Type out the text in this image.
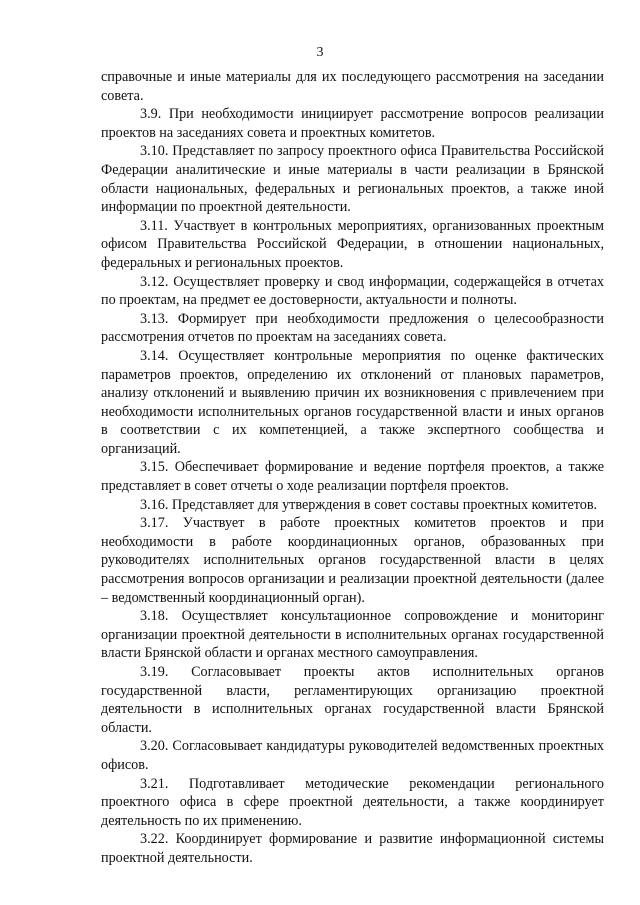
3

справочные и иные материалы для их последующего рассмотрения на заседании совета.

3.9. При необходимости инициирует рассмотрение вопросов реализации проектов на заседаниях совета и проектных комитетов.

3.10. Представляет по запросу проектного офиса Правительства Российской Федерации аналитические и иные материалы в части реализации в Брянской области национальных, федеральных и региональных проектов, а также иной информации по проектной деятельности.

3.11. Участвует в контрольных мероприятиях, организованных проектным офисом Правительства Российской Федерации, в отношении национальных, федеральных и региональных проектов.

3.12. Осуществляет проверку и свод информации, содержащейся в отчетах по проектам, на предмет ее достоверности, актуальности и полноты.

3.13. Формирует при необходимости предложения о целесообразности рассмотрения отчетов по проектам на заседаниях совета.

3.14. Осуществляет контрольные мероприятия по оценке фактических параметров проектов, определению их отклонений от плановых параметров, анализу отклонений и выявлению причин их возникновения с привлечением при необходимости исполнительных органов государственной власти и иных органов в соответствии с их компетенцией, а также экспертного сообщества и организаций.

3.15. Обеспечивает формирование и ведение портфеля проектов, а также представляет в совет отчеты о ходе реализации портфеля проектов.

3.16. Представляет для утверждения в совет составы проектных комитетов.

3.17. Участвует в работе проектных комитетов проектов и при необходимости в работе координационных органов, образованных при руководителях исполнительных органов государственной власти в целях рассмотрения вопросов организации и реализации проектной деятельности (далее – ведомственный координационный орган).

3.18. Осуществляет консультационное сопровождение и мониторинг организации проектной деятельности в исполнительных органах государственной власти Брянской области и органах местного самоуправления.

3.19. Согласовывает проекты актов исполнительных органов государственной власти, регламентирующих организацию проектной деятельности в исполнительных органах государственной власти Брянской области.

3.20. Согласовывает кандидатуры руководителей ведомственных проектных офисов.

3.21. Подготавливает методические рекомендации регионального проектного офиса в сфере проектной деятельности, а также координирует деятельность по их применению.

3.22. Координирует формирование и развитие информационной системы проектной деятельности.
